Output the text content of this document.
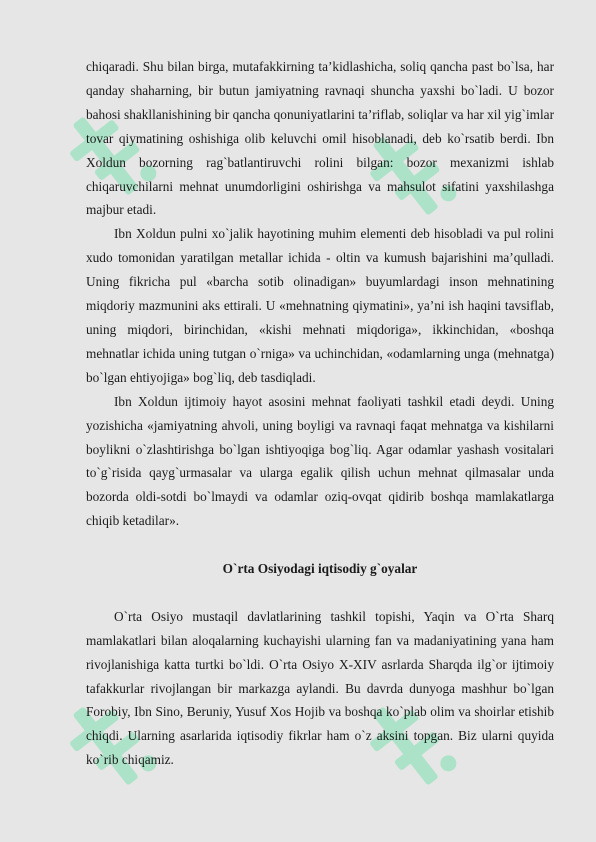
chiqaradi. Shu bilan birga, mutafakkirning ta’kidlashicha, soliq qancha past bo`lsa, har qanday shaharning, bir butun jamiyatning ravnaqi shuncha yaxshi bo`ladi. U bozor bahosi shakllanishining bir qancha qonuniyatlarini ta’riflab, soliqlar va har xil yig`imlar tovar qiymatining oshishiga olib keluvchi omil hisoblanadi, deb ko`rsatib berdi. Ibn Xoldun bozorning rag`batlantiruvchi rolini bilgan: bozor mexanizmi ishlab chiqaruvchilarni mehnat unumdorligini oshirishga va mahsulot sifatini yaxshilashga majbur etadi.

Ibn Xoldun pulni xo`jalik hayotining muhim elementi deb hisobladi va pul rolini xudo tomonidan yaratilgan metallar ichida - oltin va kumush bajarishini ma’qulladi. Uning fikricha pul «barcha sotib olinadigan» buyumlardagi inson mehnatining miqdoriy mazmunini aks ettirali. U «mehnatning qiymatini», ya’ni ish haqini tavsiflab, uning miqdori, birinchidan, «kishi mehnati miqdoriga», ikkinchidan, «boshqa mehnatlar ichida uning tutgan o`rniga» va uchinchidan, «odamlarning unga (mehnatga) bo`lgan ehtiyojiga» bog`liq, deb tasdiqladi.

Ibn Xoldun ijtimoiy hayot asosini mehnat faoliyati tashkil etadi deydi. Uning yozishicha «jamiyatning ahvoli, uning boyligi va ravnaqi faqat mehnatga va kishilarni boylikni o`zlashtirishga bo`lgan ishtiyoqiga bog`liq. Agar odamlar yashash vositalari to`g`risida qayg`urmasalar va ularga egalik qilish uchun mehnat qilmasalar unda bozorda oldi-sotdi bo`lmaydi va odamlar oziq-ovqat qidirib boshqa mamlakatlarga chiqib ketadilar».

O`rta Osiyodagi iqtisodiy g`oyalar

O`rta Osiyo mustaqil davlatlarining tashkil topishi, Yaqin va O`rta Sharq mamlakatlari bilan aloqalarning kuchayishi ularning fan va madaniyatining yana ham rivojlanishiga katta turtki bo`ldi. O`rta Osiyo X-XIV asrlarda Sharqda ilg`or ijtimoiy tafakkurlar rivojlangan bir markazga aylandi. Bu davrda dunyoga mashhur bo`lgan Forobiy, Ibn Sino, Beruniy, Yusuf Xos Hojib va boshqa ko`plab olim va shoirlar etishib chiqdi. Ularning asarlarida iqtisodiy fikrlar ham o`z aksini topgan. Biz ularni quyida ko`rib chiqamiz.
